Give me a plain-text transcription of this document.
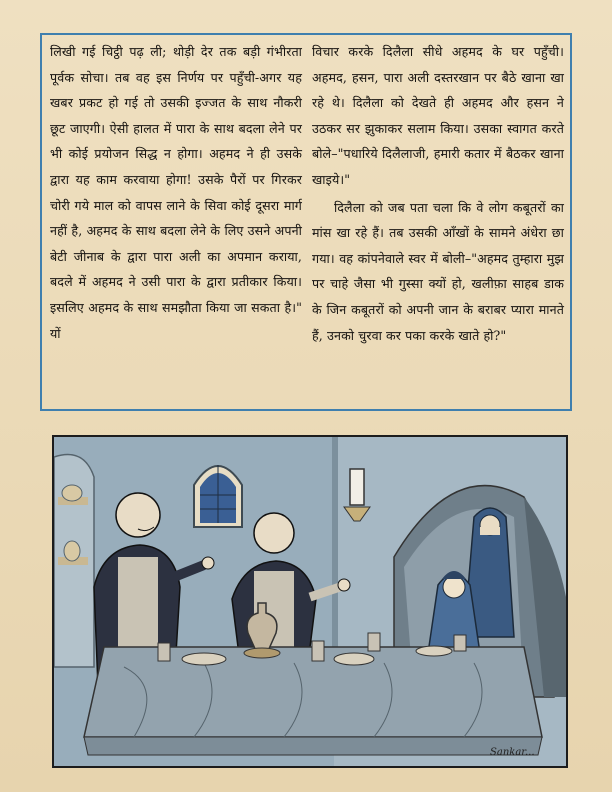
लिखी गई चिट्ठी पढ़ ली; थोड़ी देर तक बड़ी गंभीरता पूर्वक सोचा। तब वह इस निर्णय पर पहुँची-अगर यह खबर प्रकट हो गई तो उसकी इज्जत के साथ नौकरी छूट जाएगी। ऐसी हालत में पारा के साथ बदला लेने पर भी कोई प्रयोजन सिद्ध न होगा। अहमद ने ही उसके द्वारा यह काम करवाया होगा! उसके पैरों पर गिरकर चोरी गये माल को वापस लाने के सिवा कोई दूसरा मार्ग नहीं है, अहमद के साथ बदला लेने के लिए उसने अपनी बेटी जीनाब के द्वारा पारा अली का अपमान कराया, बदले में अहमद ने उसी पारा के द्वारा प्रतीकार किया। इसलिए अहमद के साथ समझौता किया जा सकता है।" यों

विचार करके दिलैला सीधे अहमद के घर पहुँची। अहमद, हसन, पारा अली दस्तरखान पर बैठे खाना खा रहे थे। दिलैला को देखते ही अहमद और हसन ने उठकर सर झुकाकर सलाम किया। उसका स्वागत करते बोले–"पधारिये दिलैलाजी, हमारी कतार में बैठकर खाना खाइये।"

दिलैला को जब पता चला कि वे लोग कबूतरों का मांस खा रहे हैं। तब उसकी आँखों के सामने अंधेरा छा गया। वह कांपनेवाले स्वर में बोली–"अहमद तुम्हारा मुझ पर चाहे जैसा भी गुस्सा क्यों हो, खलीफ़ा साहब डाक के जिन कबूतरों को अपनी जान के बराबर प्यारा मानते हैं, उनको चुरवा कर पका करके खाते हो?"

Sankar...
